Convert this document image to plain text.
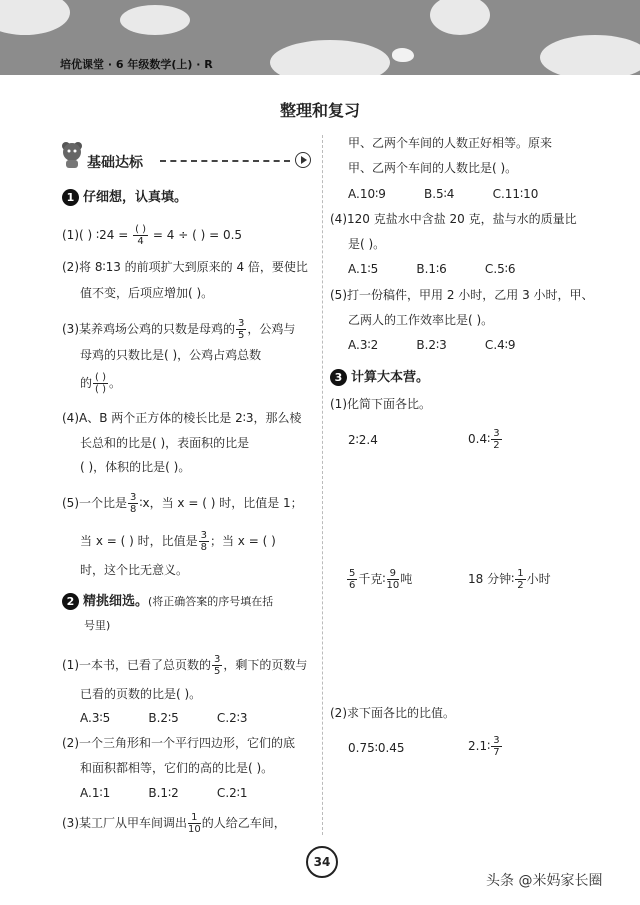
培优课堂 · 6 年级数学(上) · R
整理和复习
基础达标
1 仔细想，认真填。
(1)( ) ∶24 = $\frac{( )}{4} = 4$ ÷ ( ) = 0.5
(2)将 8∶13 的前项扩大到原来的 4 倍，要使比
值不变，后项应增加( )。
(3)某养鸡场公鸡的只数是母鸡的 $\frac{3}{5}$ ，公鸡与
母鸡的只数比是( )，公鸡占鸡总数
的 $\frac{( )}{( )}$ 。
(4)A、B 两个正方体的棱长比是 2∶3，那么棱
长总和的比是( )，表面积的比是
( )，体积的比是( )。
(5)一个比是 $\frac{3}{8}$ ∶x，当 x = ( ) 时，比值是 1；
当 x = ( ) 时，比值是 $\frac{3}{8}$ ；当 x = ( )
时，这个比无意义。
2 精挑细选。(将正确答案的序号填在括
号里)
(1)一本书，已看了总页数的 $\frac{3}{5}$ ，剩下的页数与
已看的页数的比是( )。
A.3∶5          B.2∶5          C.2∶3
(2)一个三角形和一个平行四边形，它们的底
和面积都相等，它们的高的比是( )。
A.1∶1          B.1∶2          C.2∶1
(3)某工厂从甲车间调出 $\frac{1}{10}$ 的人给乙车间，
甲、乙两个车间的人数正好相等。原来
甲、乙两个车间的人数比是( )。
A.10∶9          B.5∶4          C.11∶10
(4)120 克盐水中含盐 20 克，盐与水的质量比
是( )。
A.1∶5          B.1∶6          C.5∶6
(5)打一份稿件，甲用 2 小时，乙用 3 小时，甲、
乙两人的工作效率比是( )。
A.3∶2          B.2∶3          C.4∶9
3 计算大本营。
(1)化简下面各比。
2∶2.4	0.4∶ $\frac{3}{2}$
$\frac{5}{6}$ 千克∶ $\frac{9}{10}$ 吨	18 分钟∶ $\frac{1}{2}$ 小时
(2)求下面各比的比值。
0.75∶0.45	2.1∶ $\frac{3}{7}$
34
头条 @米妈家长圈
